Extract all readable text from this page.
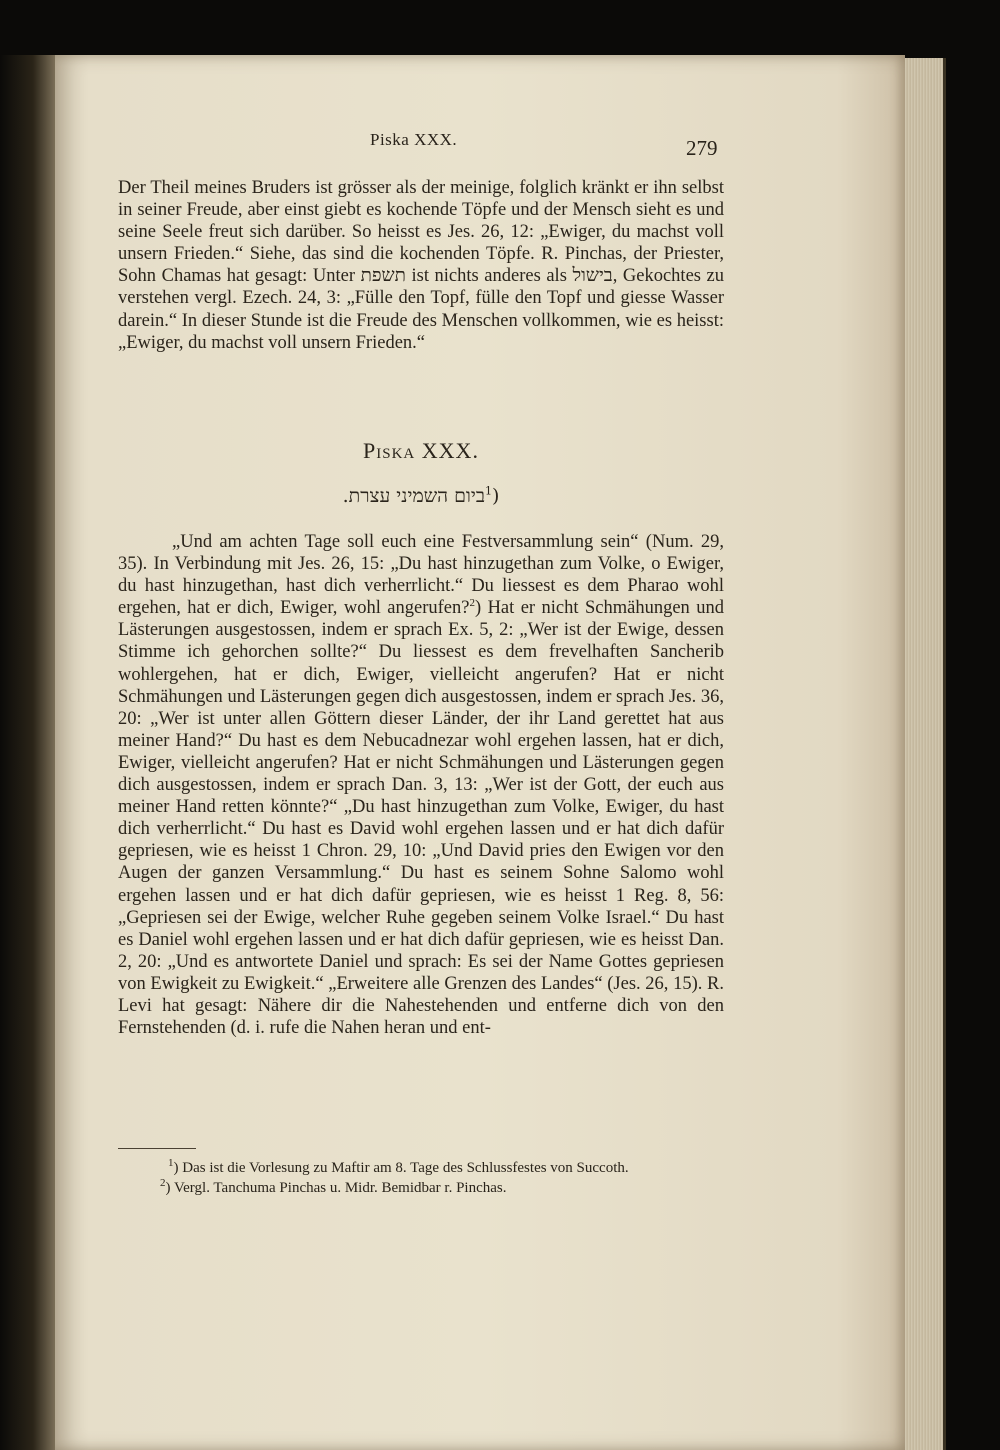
Piska XXX.	279
Der Theil meines Bruders ist grösser als der meinige, folglich kränkt er ihn selbst in seiner Freude, aber einst giebt es kochende Töpfe und der Mensch sieht es und seine Seele freut sich darüber. So heisst es Jes. 26, 12: „Ewiger, du machst voll unsern Frieden.“ Siehe, das sind die kochenden Töpfe. R. Pinchas, der Priester, Sohn Chamas hat gesagt: Unter תשפת ist nichts anderes als בישול, Gekochtes zu verstehen vergl. Ezech. 24, 3: „Fülle den Topf, fülle den Topf und giesse Wasser darein.“ In dieser Stunde ist die Freude des Menschen vollkommen, wie es heisst: „Ewiger, du machst voll unsern Frieden.“
Piska XXX.
ביום השמיני עצרת.$^1$)
„Und am achten Tage soll euch eine Festversammlung sein“ (Num. 29, 35). In Verbindung mit Jes. 26, 15: „Du hast hinzugethan zum Volke, o Ewiger, du hast hinzugethan, hast dich verherrlicht.“ Du liessest es dem Pharao wohl ergehen, hat er dich, Ewiger, wohl angerufen?$^2$) Hat er nicht Schmähungen und Lästerungen ausgestossen, indem er sprach Ex. 5, 2: „Wer ist der Ewige, dessen Stimme ich gehorchen sollte?“ Du liessest es dem frevelhaften Sancherib wohlergehen, hat er dich, Ewiger, vielleicht angerufen? Hat er nicht Schmähungen und Lästerungen gegen dich ausgestossen, indem er sprach Jes. 36, 20: „Wer ist unter allen Göttern dieser Länder, der ihr Land gerettet hat aus meiner Hand?“ Du hast es dem Nebucadnezar wohl ergehen lassen, hat er dich, Ewiger, vielleicht angerufen? Hat er nicht Schmähungen und Lästerungen gegen dich ausgestossen, indem er sprach Dan. 3, 13: „Wer ist der Gott, der euch aus meiner Hand retten könnte?“ „Du hast hinzugethan zum Volke, Ewiger, du hast dich verherrlicht.“ Du hast es David wohl ergehen lassen und er hat dich dafür gepriesen, wie es heisst 1 Chron. 29, 10: „Und David pries den Ewigen vor den Augen der ganzen Versammlung.“ Du hast es seinem Sohne Salomo wohl ergehen lassen und er hat dich dafür gepriesen, wie es heisst 1 Reg. 8, 56: „Gepriesen sei der Ewige, welcher Ruhe gegeben seinem Volke Israel.“ Du hast es Daniel wohl ergehen lassen und er hat dich dafür gepriesen, wie es heisst Dan. 2, 20: „Und es antwortete Daniel und sprach: Es sei der Name Gottes gepriesen von Ewigkeit zu Ewigkeit.“ „Erweitere alle Grenzen des Landes“ (Jes. 26, 15). R. Levi hat gesagt: Nähere dir die Nahestehenden und entferne dich von den Fernstehenden (d. i. rufe die Nahen heran und ent-
$^1$) Das ist die Vorlesung zu Maftir am 8. Tage des Schlussfestes von Succoth.
$^2$) Vergl. Tanchuma Pinchas u. Midr. Bemidbar r. Pinchas.
